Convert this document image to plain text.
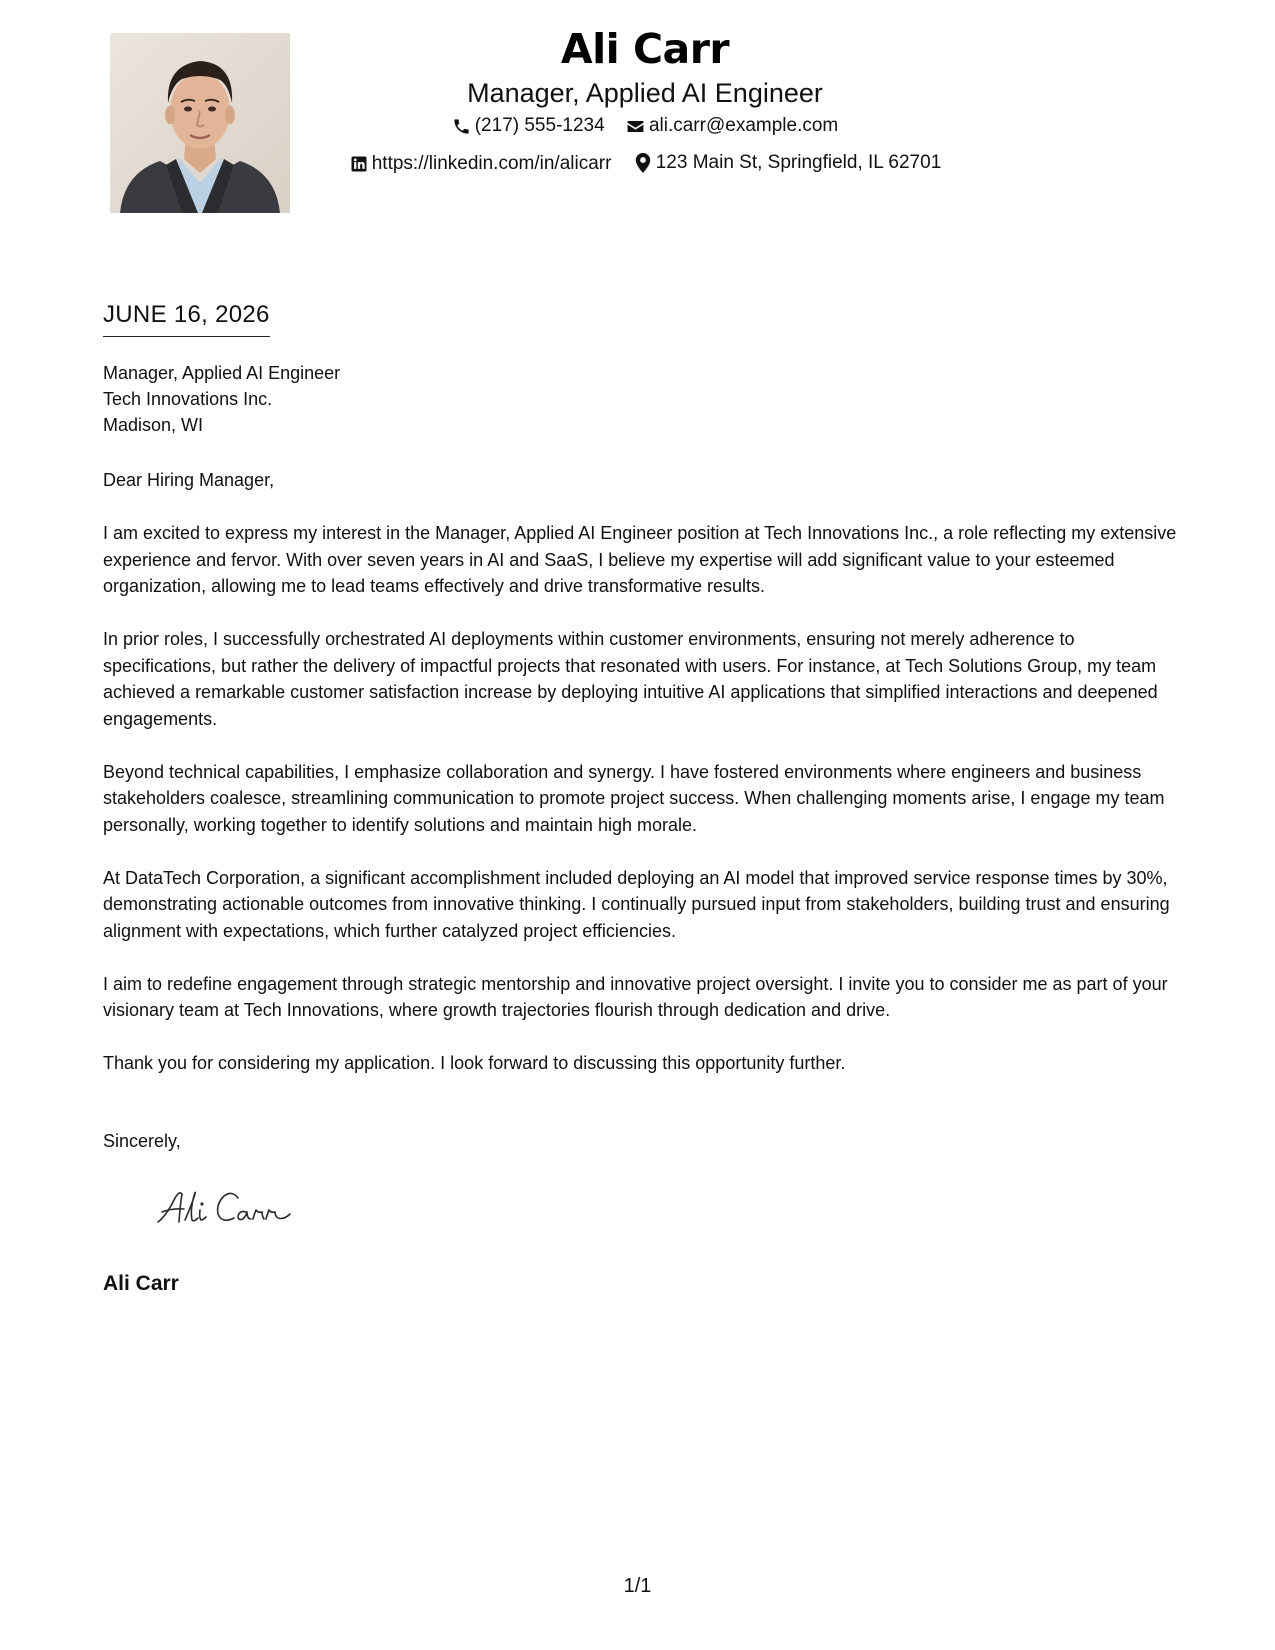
Ali Carr
Manager, Applied AI Engineer
(217) 555-1234
ali.carr@example.com
https://linkedin.com/in/alicarr
123 Main St, Springfield, IL 62701
JUNE 16, 2026
Manager, Applied AI Engineer
Tech Innovations Inc.
Madison, WI

Dear Hiring Manager,

I am excited to express my interest in the Manager, Applied AI Engineer position at Tech Innovations Inc., a role reflecting my extensive experience and fervor. With over seven years in AI and SaaS, I believe my expertise will add significant value to your esteemed organization, allowing me to lead teams effectively and drive transformative results.

In prior roles, I successfully orchestrated AI deployments within customer environments, ensuring not merely adherence to specifications, but rather the delivery of impactful projects that resonated with users. For instance, at Tech Solutions Group, my team achieved a remarkable customer satisfaction increase by deploying intuitive AI applications that simplified interactions and deepened engagements.

Beyond technical capabilities, I emphasize collaboration and synergy. I have fostered environments where engineers and business stakeholders coalesce, streamlining communication to promote project success. When challenging moments arise, I engage my team personally, working together to identify solutions and maintain high morale.

At DataTech Corporation, a significant accomplishment included deploying an AI model that improved service response times by 30%, demonstrating actionable outcomes from innovative thinking. I continually pursued input from stakeholders, building trust and ensuring alignment with expectations, which further catalyzed project efficiencies.

I aim to redefine engagement through strategic mentorship and innovative project oversight. I invite you to consider me as part of your visionary team at Tech Innovations, where growth trajectories flourish through dedication and drive.

Thank you for considering my application. I look forward to discussing this opportunity further.

Sincerely,
Ali Carr
1/1
